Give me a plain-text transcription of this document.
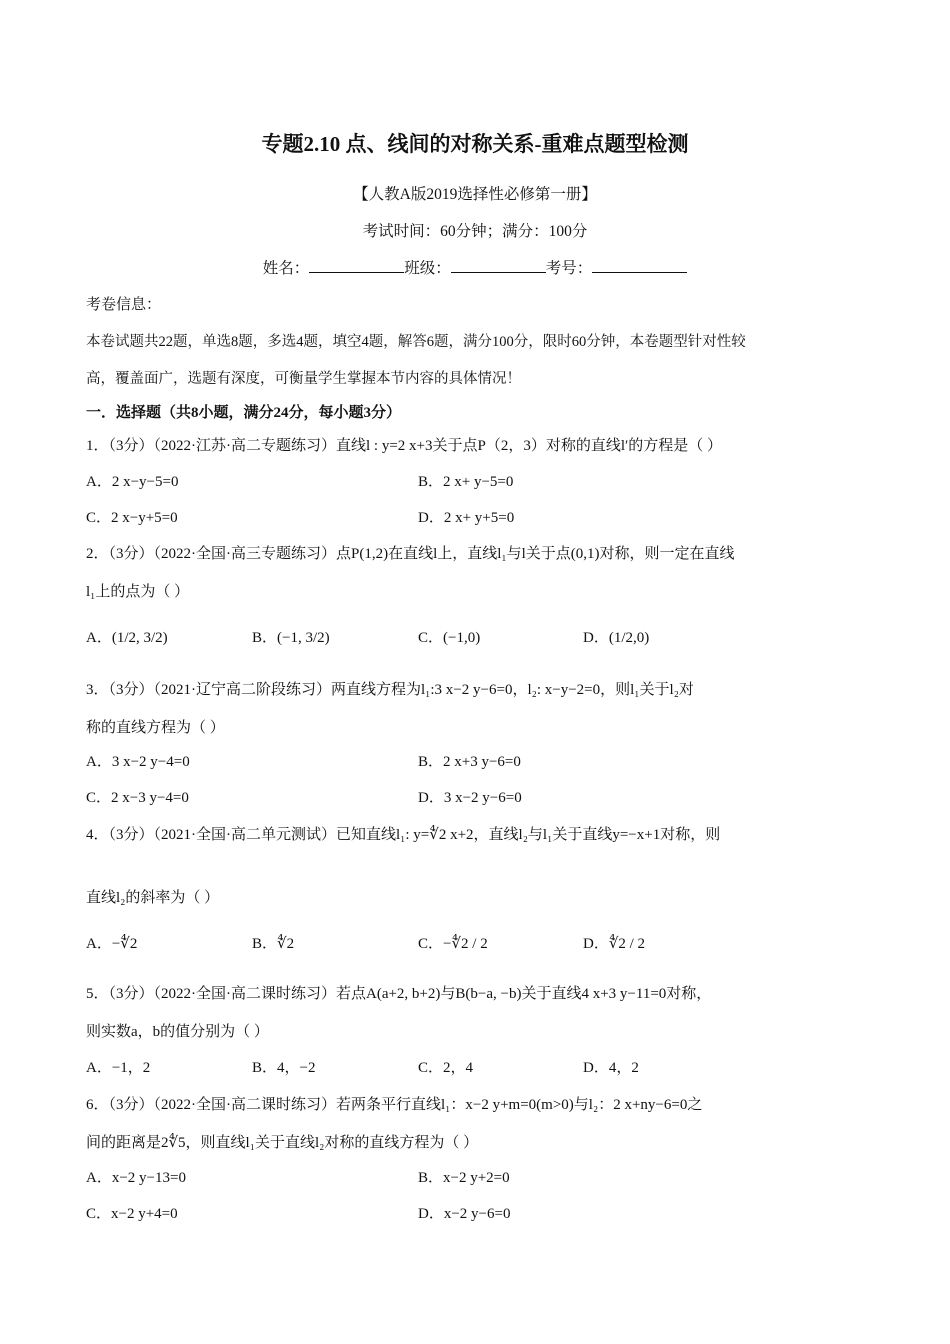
专题2.10 点、线间的对称关系-重难点题型检测
【人教A版2019选择性必修第一册】
考试时间：60分钟；满分：100分
姓名：	班级：	考号：
考卷信息：
本卷试题共22题，单选8题，多选4题，填空4题，解答6题，满分100分，限时60分钟，本卷题型针对性较
高，覆盖面广，选题有深度，可衡量学生掌握本节内容的具体情况！
一．选择题（共8小题，满分24分，每小题3分）
1．（3分）（2022·江苏·高二专题练习）直线l : y=2 x+3关于点P（2，3）对称的直线l′的方程是（ ）
A．2 x−y−5=0	B．2 x+ y−5=0
C．2 x−y+5=0	D．2 x+ y+5=0
2．（3分）（2022·全国·高三专题练习）点P(1,2)在直线l上，直线l₁与l关于点(0,1)对称，则一定在直线
l₁上的点为（ ）
A．(1/2, 3/2)	B．(−1, 3/2)	C．(−1,0)	D．(1/2,0)
3．（3分）（2021·辽宁高二阶段练习）两直线方程为l₁:3 x−2 y−6=0，l₂: x−y−2=0，则l₁关于l₂对
称的直线方程为（ ）
A．3 x−2 y−4=0	B．2 x+3 y−6=0
C．2 x−3 y−4=0	D．3 x−2 y−6=0
4．（3分）（2021·全国·高二单元测试）已知直线l₁: y=∜2 x+2，直线l₂与l₁关于直线y=−x+1对称，则
直线l₂的斜率为（ ）
A．−∜2	B．∜2	C．−∜2 / 2	D．∜2 / 2
5．（3分）（2022·全国·高二课时练习）若点A(a+2, b+2)与B(b−a, −b)关于直线4 x+3 y−11=0对称，
则实数a，b的值分别为（ ）
A．−1，2	B．4，−2	C．2，4	D．4，2
6．（3分）（2022·全国·高二课时练习）若两条平行直线l₁：x−2 y+m=0(m>0)与l₂：2 x+ny−6=0之
间的距离是2∜5，则直线l₁关于直线l₂对称的直线方程为（ ）
A．x−2 y−13=0	B．x−2 y+2=0
C．x−2 y+4=0	D．x−2 y−6=0
